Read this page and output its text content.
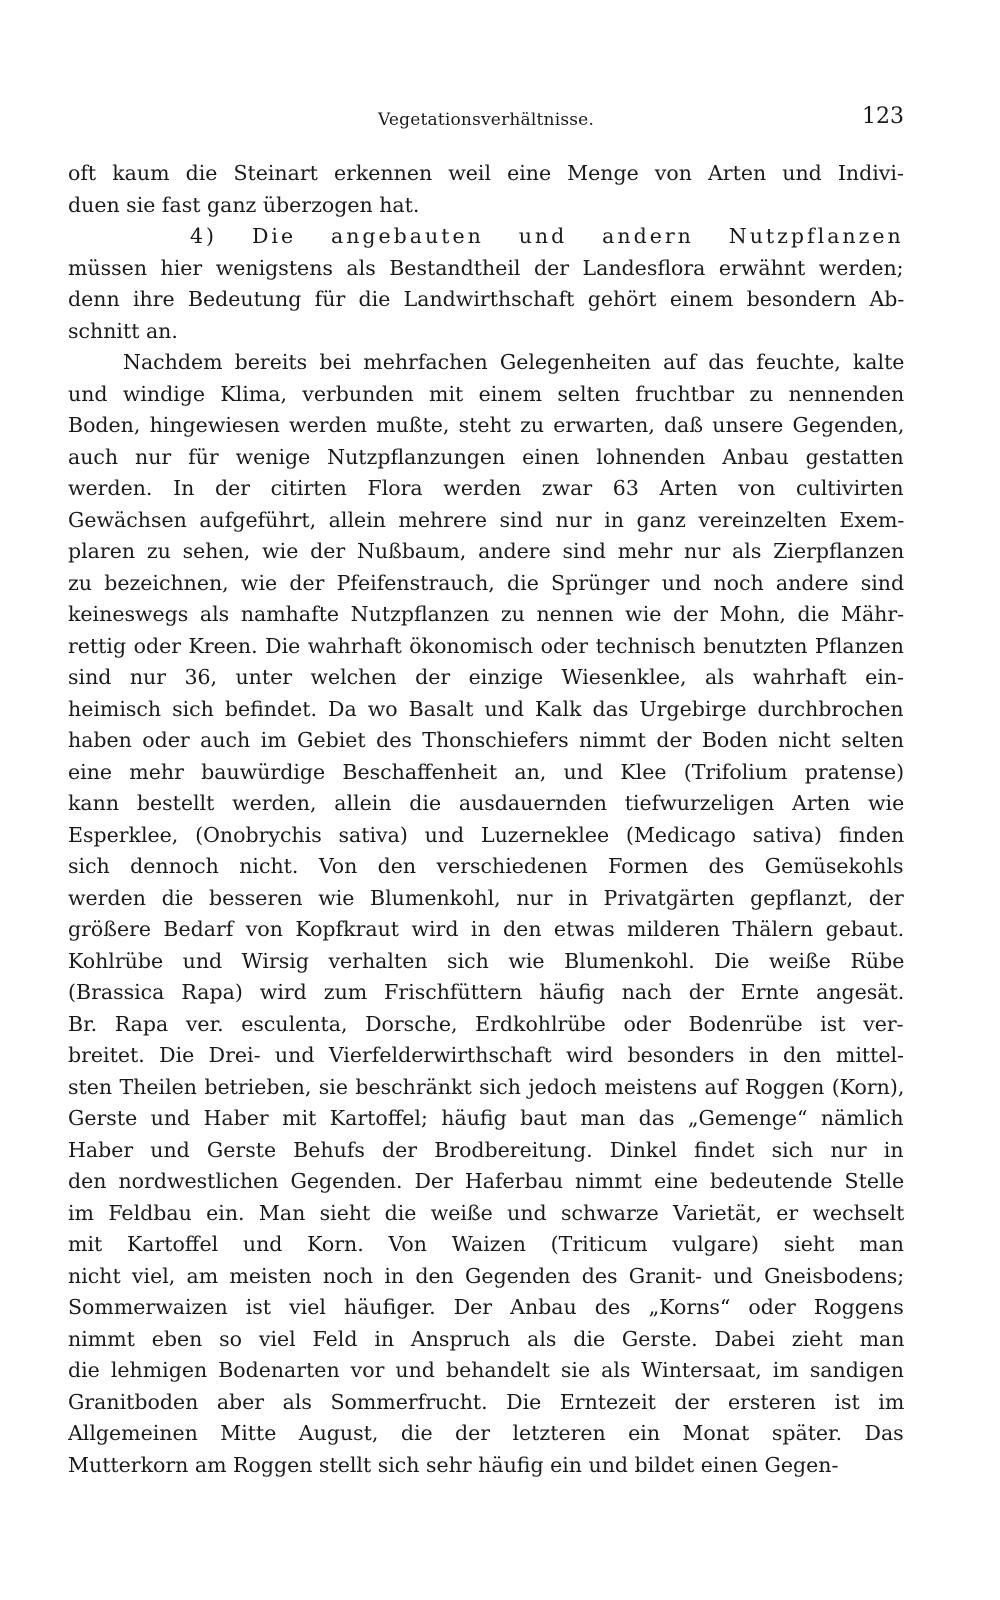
Vegetationsverhältnisse.	123
oft kaum die Steinart erkennen weil eine Menge von Arten und Indivi-
duen sie fast ganz überzogen hat.
4) Die angebauten und andern Nutzpflanzen
müssen hier wenigstens als Bestandtheil der Landesflora erwähnt werden;
denn ihre Bedeutung für die Landwirthschaft gehört einem besondern Ab-
schnitt an.
Nachdem bereits bei mehrfachen Gelegenheiten auf das feuchte, kalte
und windige Klima, verbunden mit einem selten fruchtbar zu nennenden
Boden, hingewiesen werden mußte, steht zu erwarten, daß unsere Gegenden,
auch nur für wenige Nutzpflanzungen einen lohnenden Anbau gestatten
werden. In der citirten Flora werden zwar 63 Arten von cultivirten
Gewächsen aufgeführt, allein mehrere sind nur in ganz vereinzelten Exem-
plaren zu sehen, wie der Nußbaum, andere sind mehr nur als Zierpflanzen
zu bezeichnen, wie der Pfeifenstrauch, die Sprünger und noch andere sind
keineswegs als namhafte Nutzpflanzen zu nennen wie der Mohn, die Mähr-
rettig oder Kreen. Die wahrhaft ökonomisch oder technisch benutzten Pflanzen
sind nur 36, unter welchen der einzige Wiesenklee, als wahrhaft ein-
heimisch sich befindet. Da wo Basalt und Kalk das Urgebirge durchbrochen
haben oder auch im Gebiet des Thonschiefers nimmt der Boden nicht selten
eine mehr bauwürdige Beschaffenheit an, und Klee (Trifolium pratense)
kann bestellt werden, allein die ausdauernden tiefwurzeligen Arten wie
Esperklee, (Onobrychis sativa) und Luzerneklee (Medicago sativa) finden
sich dennoch nicht. Von den verschiedenen Formen des Gemüsekohls
werden die besseren wie Blumenkohl, nur in Privatgärten gepflanzt, der
größere Bedarf von Kopfkraut wird in den etwas milderen Thälern gebaut.
Kohlrübe und Wirsig verhalten sich wie Blumenkohl. Die weiße Rübe
(Brassica Rapa) wird zum Frischfüttern häufig nach der Ernte angesät.
Br. Rapa ver. esculenta, Dorsche, Erdkohlrübe oder Bodenrübe ist ver-
breitet. Die Drei- und Vierfelderwirthschaft wird besonders in den mittel-
sten Theilen betrieben, sie beschränkt sich jedoch meistens auf Roggen (Korn),
Gerste und Haber mit Kartoffel; häufig baut man das „Gemenge“ nämlich
Haber und Gerste Behufs der Brodbereitung. Dinkel findet sich nur in
den nordwestlichen Gegenden. Der Haferbau nimmt eine bedeutende Stelle
im Feldbau ein. Man sieht die weiße und schwarze Varietät, er wechselt
mit Kartoffel und Korn. Von Waizen (Triticum vulgare) sieht man
nicht viel, am meisten noch in den Gegenden des Granit- und Gneisbodens;
Sommerwaizen ist viel häufiger. Der Anbau des „Korns“ oder Roggens
nimmt eben so viel Feld in Anspruch als die Gerste. Dabei zieht man
die lehmigen Bodenarten vor und behandelt sie als Wintersaat, im sandigen
Granitboden aber als Sommerfrucht. Die Erntezeit der ersteren ist im
Allgemeinen Mitte August, die der letzteren ein Monat später. Das
Mutterkorn am Roggen stellt sich sehr häufig ein und bildet einen Gegen-
